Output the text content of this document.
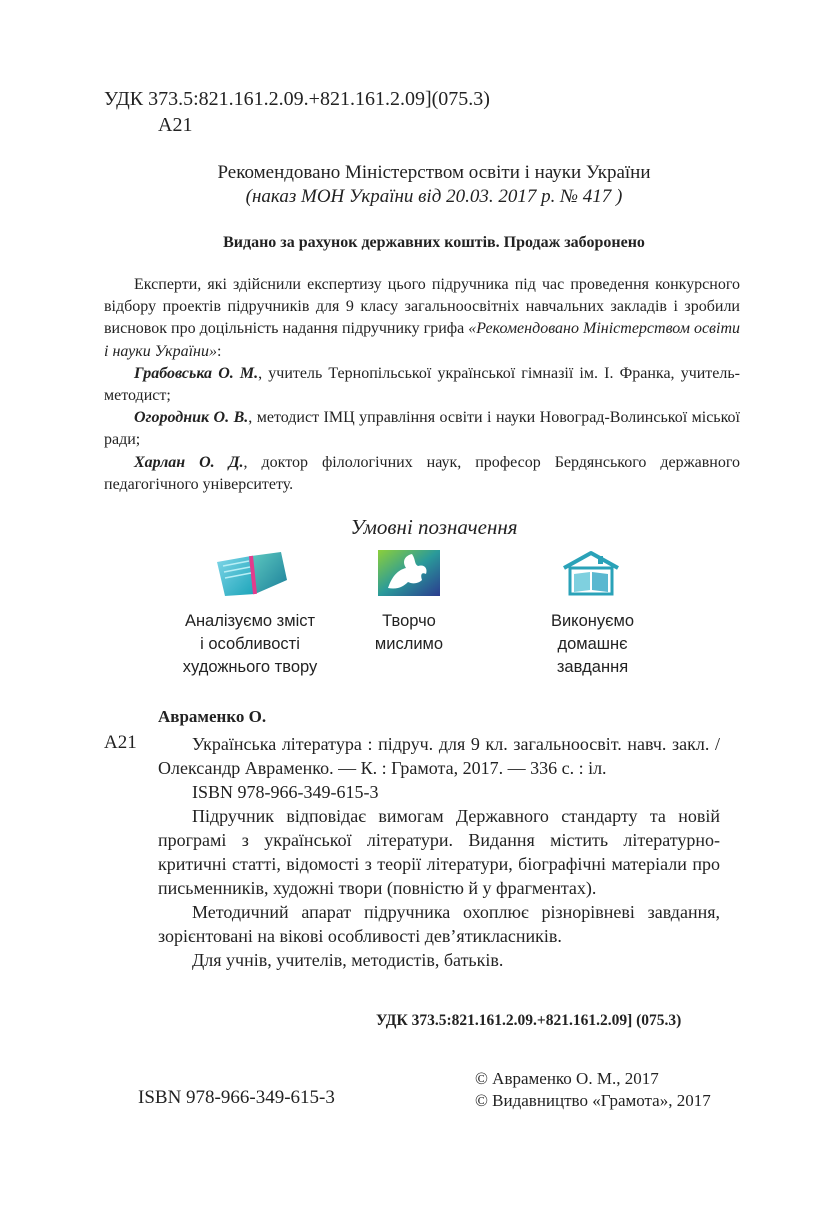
УДК 373.5:821.161.2.09.+821.161.2.09](075.3)
А21
Рекомендовано Міністерством освіти і науки України
(наказ МОН України від 20.03. 2017 р. № 417 )
Видано за рахунок державних коштів. Продаж заборонено

Експерти, які здійснили експертизу цього підручника під час проведення конкурсного відбору проектів підручників для 9 класу загальноосвітніх навчальних закладів і зробили висновок про доцільність надання підручнику грифа «Рекомендовано Міністерством освіти і науки України»:

Грабовська О. М., учитель Тернопільської української гімназії ім. І. Франка, учитель-методист;

Огородник О. В., методист ІМЦ управління освіти і науки Новоград-Волинської міської ради;

Харлан О. Д., доктор філологічних наук, професор Бердянського державного педагогічного університету.

Умовні позначення
Аналізуємо зміст
і особливості
художнього твору
Творчо
мислимо
Виконуємо
домашнє
завдання
Авраменко О.
А21	Українська література : підруч. для 9 кл. загальноосвіт. навч. закл. / Олександр Авраменко. — К. : Грамота, 2017. — 336 с. : іл.

ISBN 978-966-349-615-3

Підручник відповідає вимогам Державного стандарту та новій програмі з української літератури. Видання містить літературно-критичні статті, відомості з теорії літератури, біографічні матеріали про письменників, художні твори (повністю й у фрагментах).

Методичний апарат підручника охоплює різнорівневі завдання, зорієнтовані на вікові особливості дев’ятикласників.

Для учнів, учителів, методистів, батьків.

УДК 373.5:821.161.2.09.+821.161.2.09] (075.3)
ISBN 978-966-349-615-3
© Авраменко О. М., 2017
© Видавництво «Грамота», 2017
